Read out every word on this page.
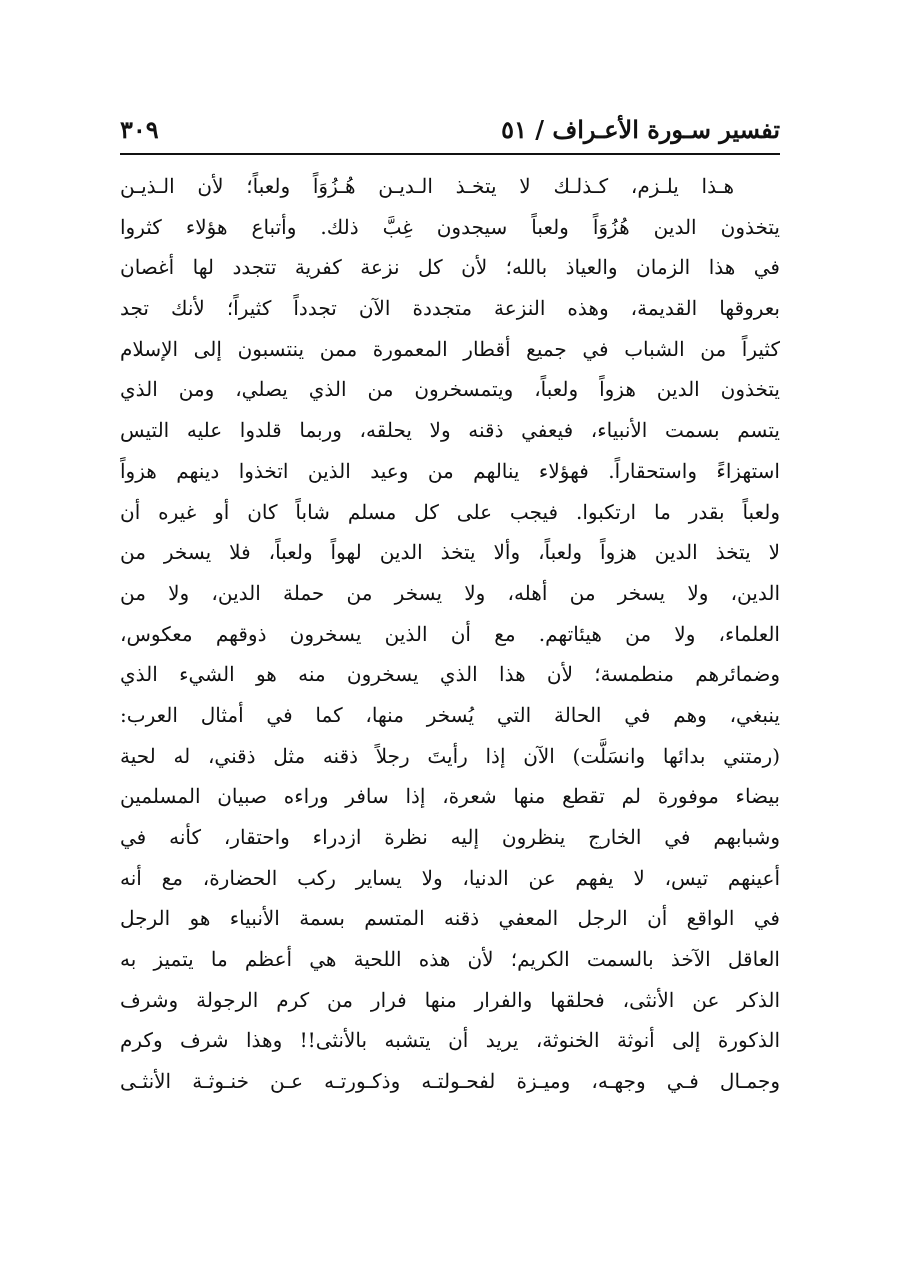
تفسير سـورة الأعـراف / ٥١
٣٠٩
هـذا يلـزم، كـذلـك لا يتخـذ الـديـن هُـزُوَاً ولعباً؛ لأن الـذيـن
يتخذون الدين هُزُوَاً ولعباً سيجدون غِبَّ ذلك. وأتباع هؤلاء كثروا
في هذا الزمان والعياذ بالله؛ لأن كل نزعة كفرية تتجدد لها أغصان
بعروقها القديمة، وهذه النزعة متجددة الآن تجدداً كثيراً؛ لأنك تجد
كثيراً من الشباب في جميع أقطار المعمورة ممن ينتسبون إلى الإسلام
يتخذون الدين هزواً ولعباً، ويتمسخرون من الذي يصلي، ومن الذي
يتسم بسمت الأنبياء، فيعفي ذقنه ولا يحلقه، وربما قلدوا عليه التيس
استهزاءً واستحقاراً. فهؤلاء ينالهم من وعيد الذين اتخذوا دينهم هزواً
ولعباً بقدر ما ارتكبوا. فيجب على كل مسلم شاباً كان أو غيره أن
لا يتخذ الدين هزواً ولعباً، وألا يتخذ الدين لهواً ولعباً، فلا يسخر من
الدين، ولا يسخر من أهله، ولا يسخر من حملة الدين، ولا من
العلماء، ولا من هيئاتهم. مع أن الذين يسخرون ذوقهم معكوس،
وضمائرهم منطمسة؛ لأن هذا الذي يسخرون منه هو الشيء الذي
ينبغي، وهم في الحالة التي يُسخر منها، كما في أمثال العرب:
(رمتني بدائها وانسَلَّت) الآن إذا رأيتَ رجلاً ذقنه مثل ذقني، له لحية
بيضاء موفورة لم تقطع منها شعرة، إذا سافر وراءه صبيان المسلمين
وشبابهم في الخارج ينظرون إليه نظرة ازدراء واحتقار، كأنه في
أعينهم تيس، لا يفهم عن الدنيا، ولا يساير ركب الحضارة، مع أنه
في الواقع أن الرجل المعفي ذقنه المتسم بسمة الأنبياء هو الرجل
العاقل الآخذ بالسمت الكريم؛ لأن هذه اللحية هي أعظم ما يتميز به
الذكر عن الأنثى، فحلقها والفرار منها فرار من كرم الرجولة وشرف
الذكورة إلى أنوثة الخنوثة، يريد أن يتشبه بالأنثى!! وهذا شرف وكرم
وجمـال فـي وجهـه، وميـزة لفحـولتـه وذكـورتـه عـن خنـوثـة الأنثـى
